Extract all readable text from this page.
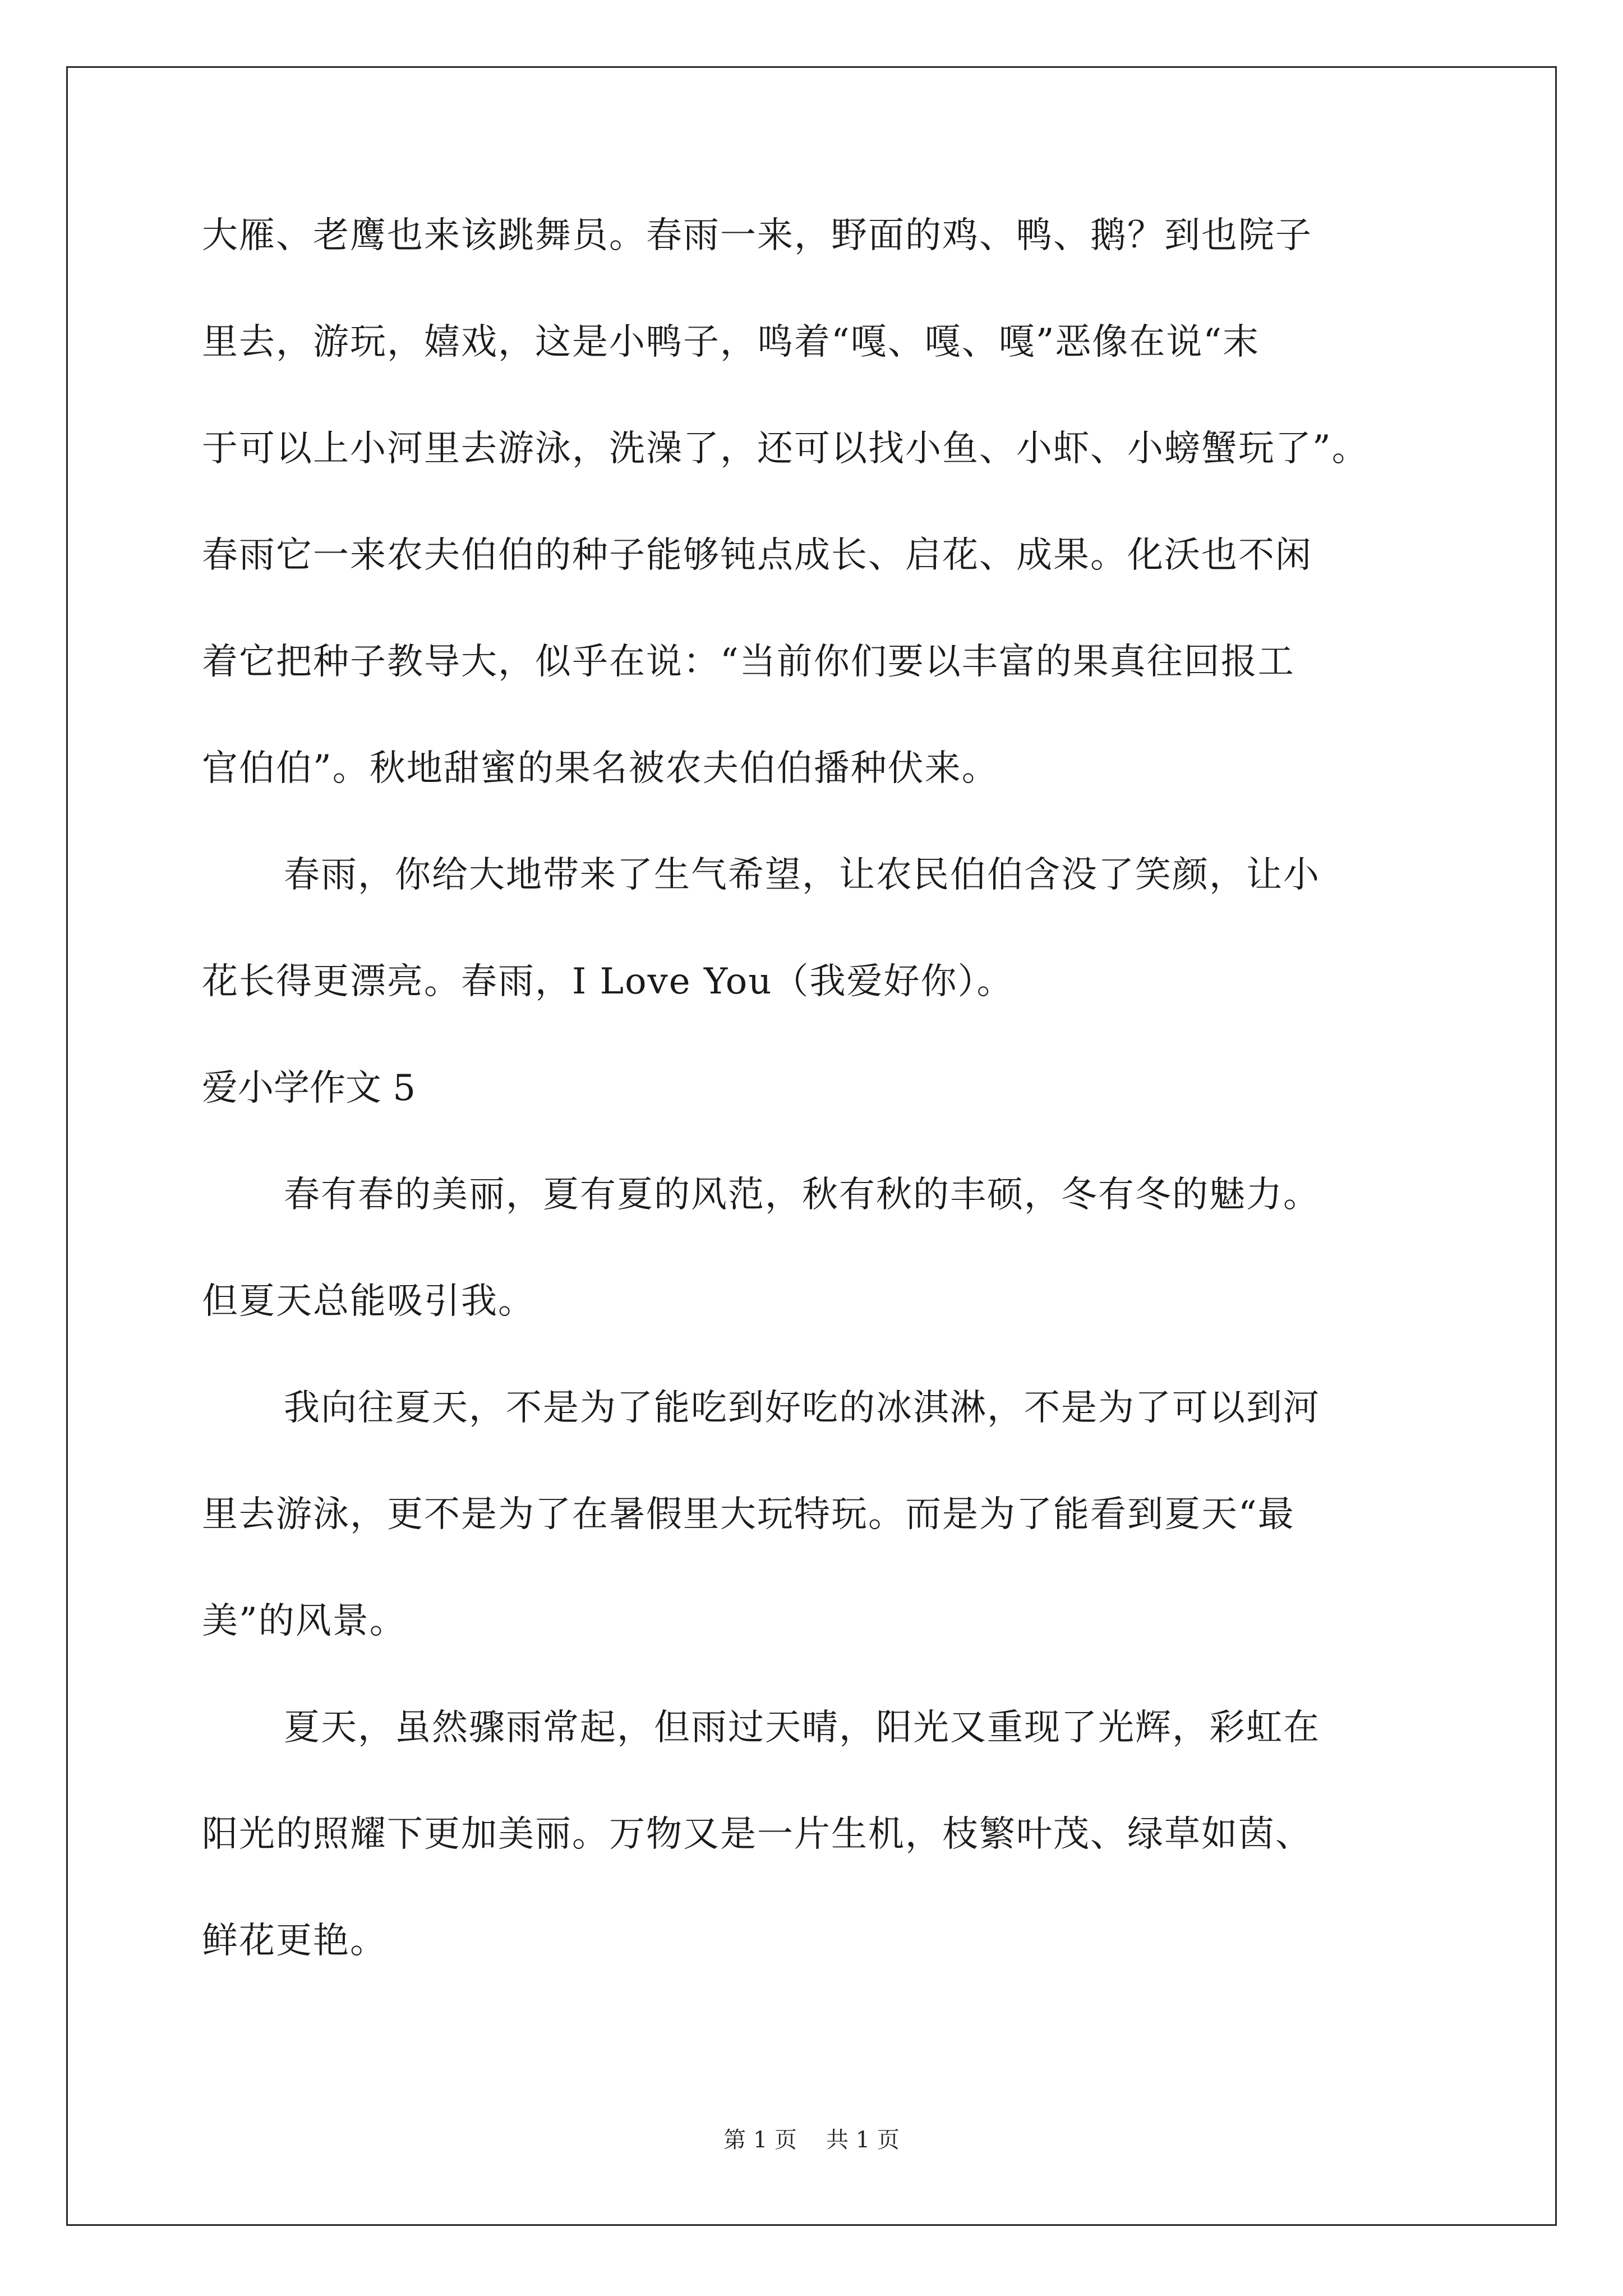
大雁、老鹰也来该跳舞员。春雨一来，野面的鸡、鸭、鹅？到也院子
里去，游玩，嬉戏，这是小鸭子，鸣着“嘎、嘎、嘎”恶像在说“末
于可以上小河里去游泳，洗澡了，还可以找小鱼、小虾、小螃蟹玩了”。
春雨它一来农夫伯伯的种子能够钝点成长、启花、成果。化沃也不闲
着它把种子教导大，似乎在说：“当前你们要以丰富的果真往回报工
官伯伯”。秋地甜蜜的果名被农夫伯伯播种伏来。
春雨，你给大地带来了生气希望，让农民伯伯含没了笑颜，让小
花长得更漂亮。春雨，I Love You（我爱好你）。
爱小学作文 5
春有春的美丽，夏有夏的风范，秋有秋的丰硕，冬有冬的魅力。
但夏天总能吸引我。
我向往夏天，不是为了能吃到好吃的冰淇淋，不是为了可以到河
里去游泳，更不是为了在暑假里大玩特玩。而是为了能看到夏天“最
美”的风景。
夏天，虽然骤雨常起，但雨过天晴，阳光又重现了光辉，彩虹在
阳光的照耀下更加美丽。万物又是一片生机，枝繁叶茂、绿草如茵、
鲜花更艳。
第 1 页 共 1 页
